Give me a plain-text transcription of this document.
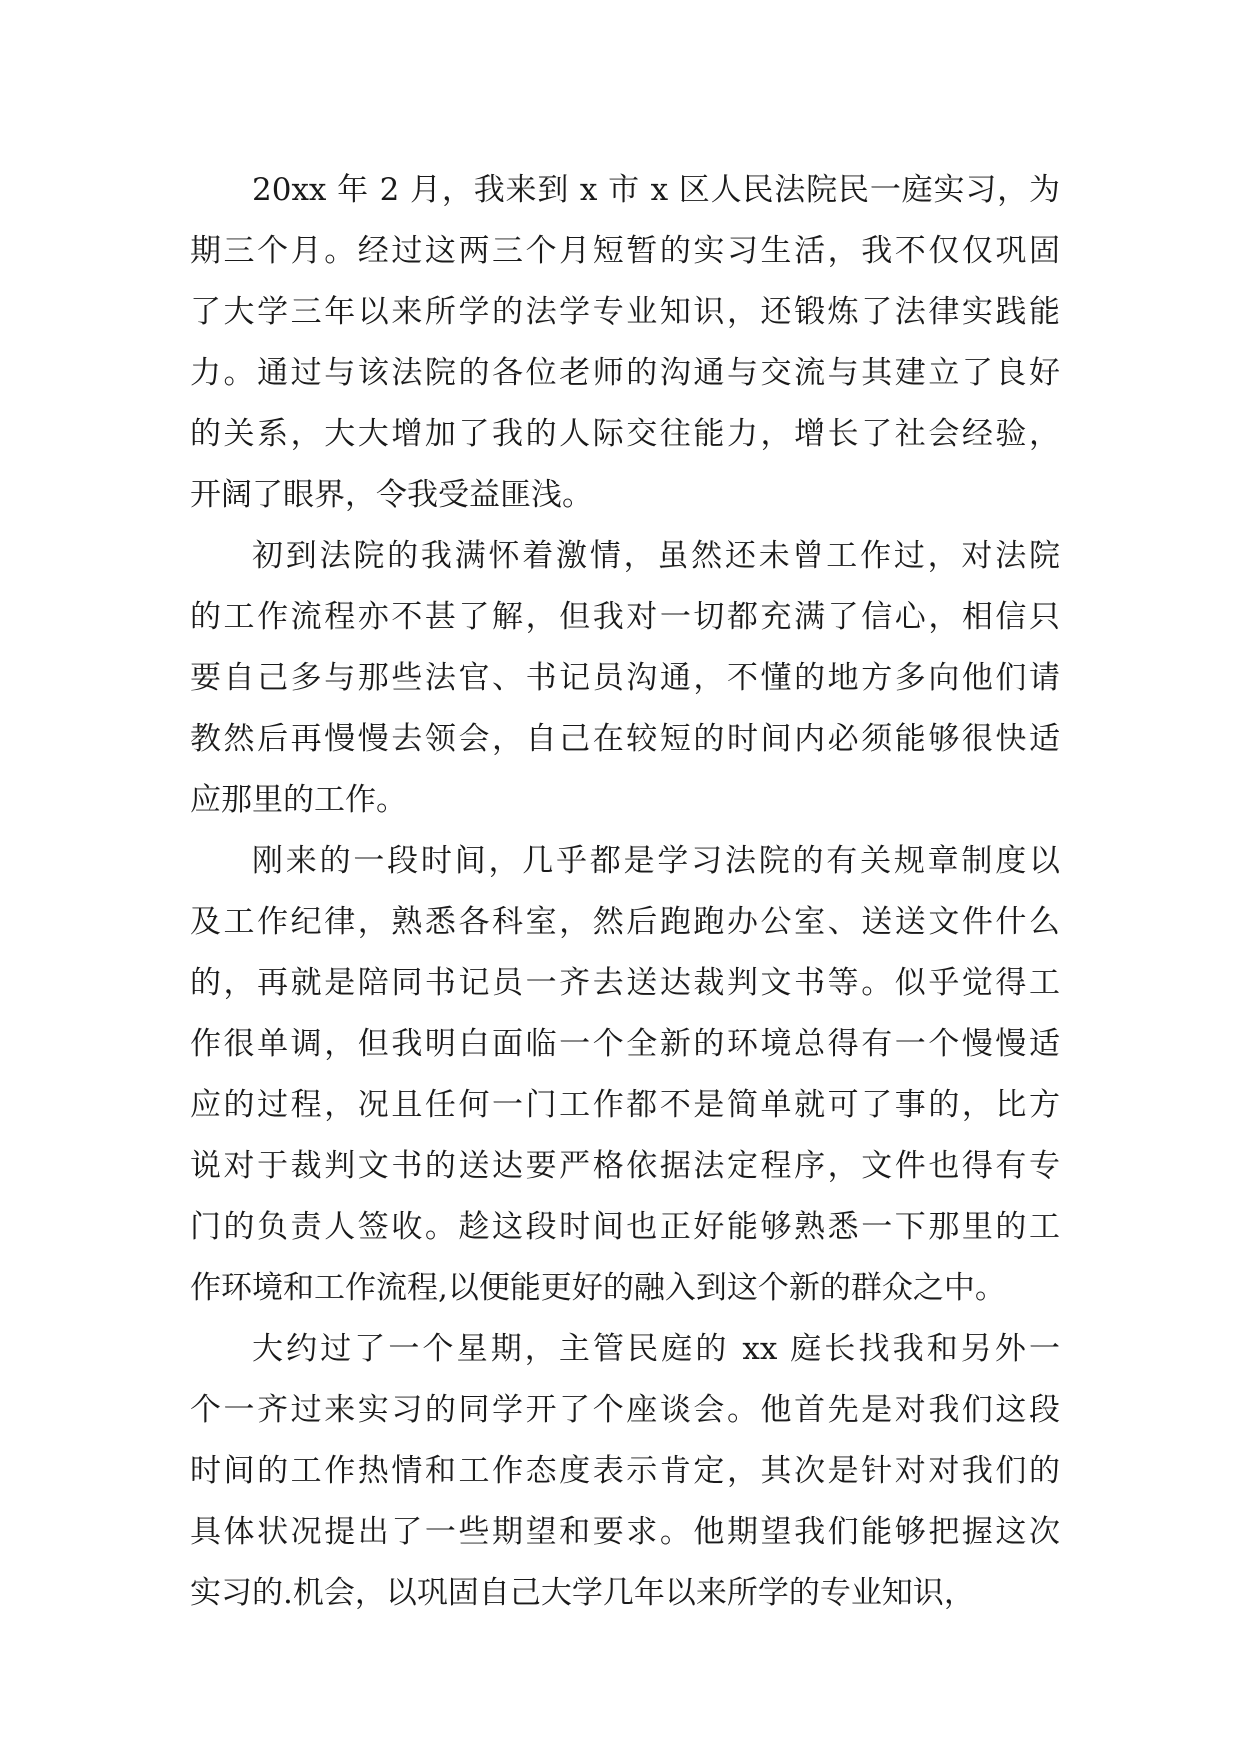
20xx 年 2 月，我来到 x 市 x 区人民法院民一庭实习，为
期三个月。经过这两三个月短暂的实习生活，我不仅仅巩固
了大学三年以来所学的法学专业知识，还锻炼了法律实践能
力。通过与该法院的各位老师的沟通与交流与其建立了良好
的关系，大大增加了我的人际交往能力，增长了社会经验，
开阔了眼界，令我受益匪浅。
初到法院的我满怀着激情，虽然还未曾工作过，对法院
的工作流程亦不甚了解，但我对一切都充满了信心，相信只
要自己多与那些法官、书记员沟通，不懂的地方多向他们请
教然后再慢慢去领会，自己在较短的时间内必须能够很快适
应那里的工作。
刚来的一段时间，几乎都是学习法院的有关规章制度以
及工作纪律，熟悉各科室，然后跑跑办公室、送送文件什么
的，再就是陪同书记员一齐去送达裁判文书等。似乎觉得工
作很单调，但我明白面临一个全新的环境总得有一个慢慢适
应的过程，况且任何一门工作都不是简单就可了事的，比方
说对于裁判文书的送达要严格依据法定程序，文件也得有专
门的负责人签收。趁这段时间也正好能够熟悉一下那里的工
作环境和工作流程,以便能更好的融入到这个新的群众之中。
大约过了一个星期，主管民庭的 xx 庭长找我和另外一
个一齐过来实习的同学开了个座谈会。他首先是对我们这段
时间的工作热情和工作态度表示肯定，其次是针对对我们的
具体状况提出了一些期望和要求。他期望我们能够把握这次
实习的.机会，以巩固自己大学几年以来所学的专业知识，
